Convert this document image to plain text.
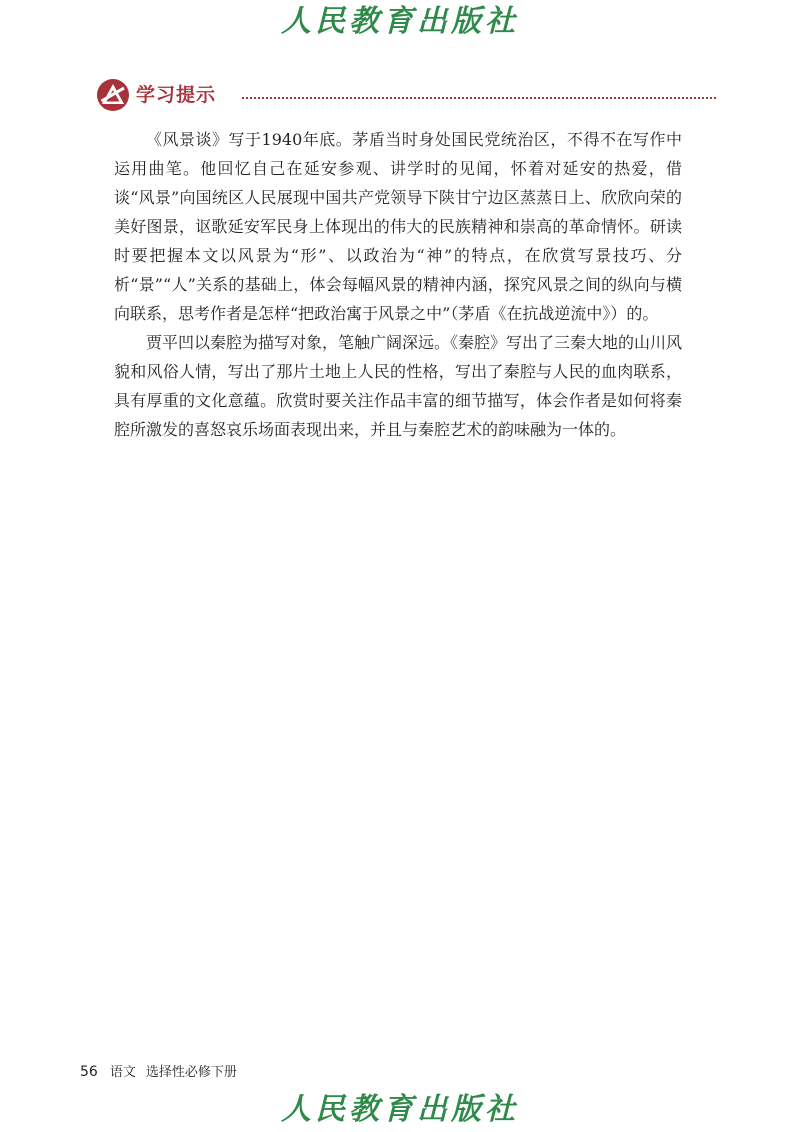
人民教育出版社
学习提示

《风景谈》写于1940年底。茅盾当时身处国民党统治区，不得不在写作中运用曲笔。他回忆自己在延安参观、讲学时的见闻，怀着对延安的热爱，借谈“风景”向国统区人民展现中国共产党领导下陕甘宁边区蒸蒸日上、欣欣向荣的美好图景，讴歌延安军民身上体现出的伟大的民族精神和崇高的革命情怀。研读时要把握本文以风景为“形”、以政治为“神”的特点，在欣赏写景技巧、分析“景”“人”关系的基础上，体会每幅风景的精神内涵，探究风景之间的纵向与横向联系，思考作者是怎样“把政治寓于风景之中”（茅盾《在抗战逆流中》）的。

贾平凹以秦腔为描写对象，笔触广阔深远。《秦腔》写出了三秦大地的山川风貌和风俗人情，写出了那片土地上人民的性格，写出了秦腔与人民的血肉联系，具有厚重的文化意蕴。欣赏时要关注作品丰富的细节描写，体会作者是如何将秦腔所激发的喜怒哀乐场面表现出来，并且与秦腔艺术的韵味融为一体的。

56 语文 选择性必修下册
人民教育出版社
